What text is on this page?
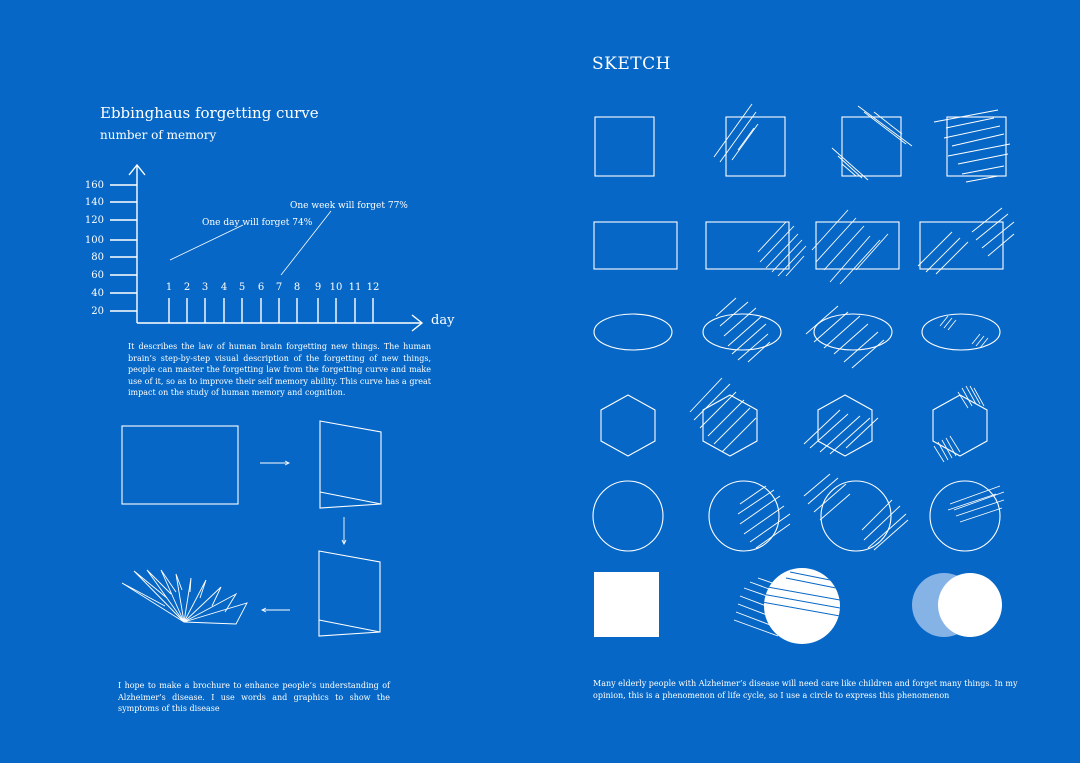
Ebbinghaus forgetting curve
number of memory
It describes the law of human brain forgetting new things. The human brain’s step-by-step visual description of the forgetting of new things, people can master the forgetting law from the forgetting curve and make use of it, so as to improve their self memory ability. This curve has a great impact on the study of human memory and cognition.
I hope to make a brochure to enhance people’s understanding of Alzheimer’s disease. I use words and graphics to show the symptoms of this disease
SKETCH
Many elderly people with Alzheimer’s disease will need care like children and forget many things. In my opinion, this is a phenomenon of life cycle, so I use a circle to express this phenomenon
160
140
120
100
80
60
40
20
1 2 3 4 5 6 7 8 9 10 11 12
day
One day will forget 74%
One week will forget 77%
